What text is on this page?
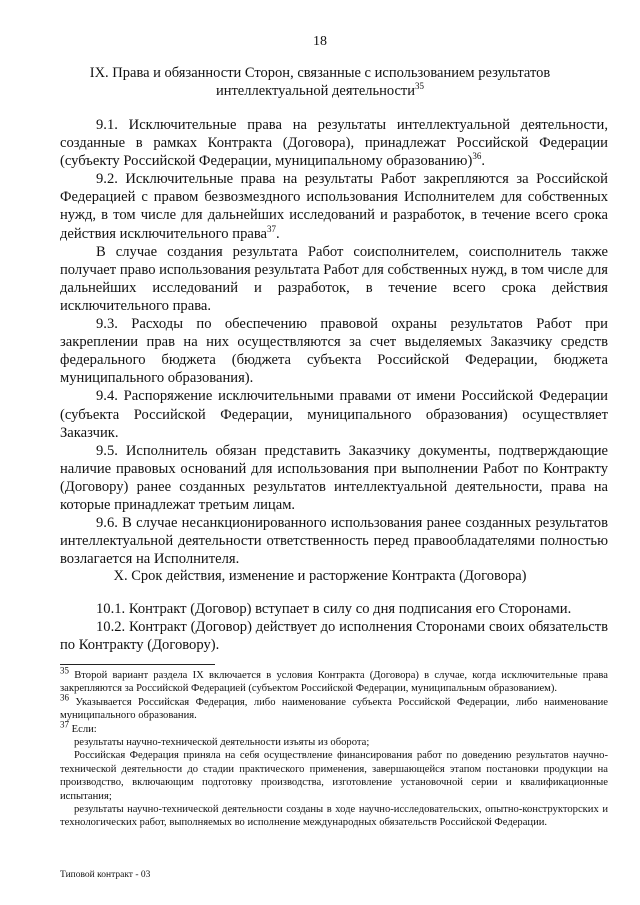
18
IX. Права и обязанности Сторон, связанные с использованием результатов
интеллектуальной деятельности$^{35}$

9.1. Исключительные права на результаты интеллектуальной деятельности, созданные в рамках Контракта (Договора), принадлежат Российской Федерации (субъекту Российской Федерации, муниципальному образованию)$^{36}$.

9.2. Исключительные права на результаты Работ закрепляются за Российской Федерацией с правом безвозмездного использования Исполнителем для собственных нужд, в том числе для дальнейших исследований и разработок, в течение всего срока действия исключительного права$^{37}$.

В случае создания результата Работ соисполнителем, соисполнитель также получает право использования результата Работ для собственных нужд, в том числе для дальнейших исследований и разработок, в течение всего срока действия исключительного права.

9.3. Расходы по обеспечению правовой охраны результатов Работ при закреплении прав на них осуществляются за счет выделяемых Заказчику средств федерального бюджета (бюджета субъекта Российской Федерации, бюджета муниципального образования).

9.4. Распоряжение исключительными правами от имени Российской Федерации (субъекта Российской Федерации, муниципального образования) осуществляет Заказчик.

9.5. Исполнитель обязан представить Заказчику документы, подтверждающие наличие правовых оснований для использования при выполнении Работ по Контракту (Договору) ранее созданных результатов интеллектуальной деятельности, права на которые принадлежат третьим лицам.

9.6. В случае несанкционированного использования ранее созданных результатов интеллектуальной деятельности ответственность перед правообладателями полностью возлагается на Исполнителя.

X. Срок действия, изменение и расторжение Контракта (Договора)

10.1. Контракт (Договор) вступает в силу со дня подписания его Сторонами.

10.2. Контракт (Договор) действует до исполнения Сторонами своих обязательств по Контракту (Договору).

$^{35}$ Второй вариант раздела IX включается в условия Контракта (Договора) в случае, когда исключительные права закрепляются за Российской Федерацией (субъектом Российской Федерации, муниципальным образованием).

$^{36}$ Указывается Российская Федерация, либо наименование субъекта Российской Федерации, либо наименование муниципального образования.

$^{37}$ Если:

результаты научно-технической деятельности изъяты из оборота;

Российская Федерация приняла на себя осуществление финансирования работ по доведению результатов научно-технической деятельности до стадии практического применения, завершающейся этапом постановки продукции на производство, включающим подготовку производства, изготовление установочной серии и квалификационные испытания;

результаты научно-технической деятельности созданы в ходе научно-исследовательских, опытно-конструкторских и технологических работ, выполняемых во исполнение международных обязательств Российской Федерации.

Типовой контракт - 03
